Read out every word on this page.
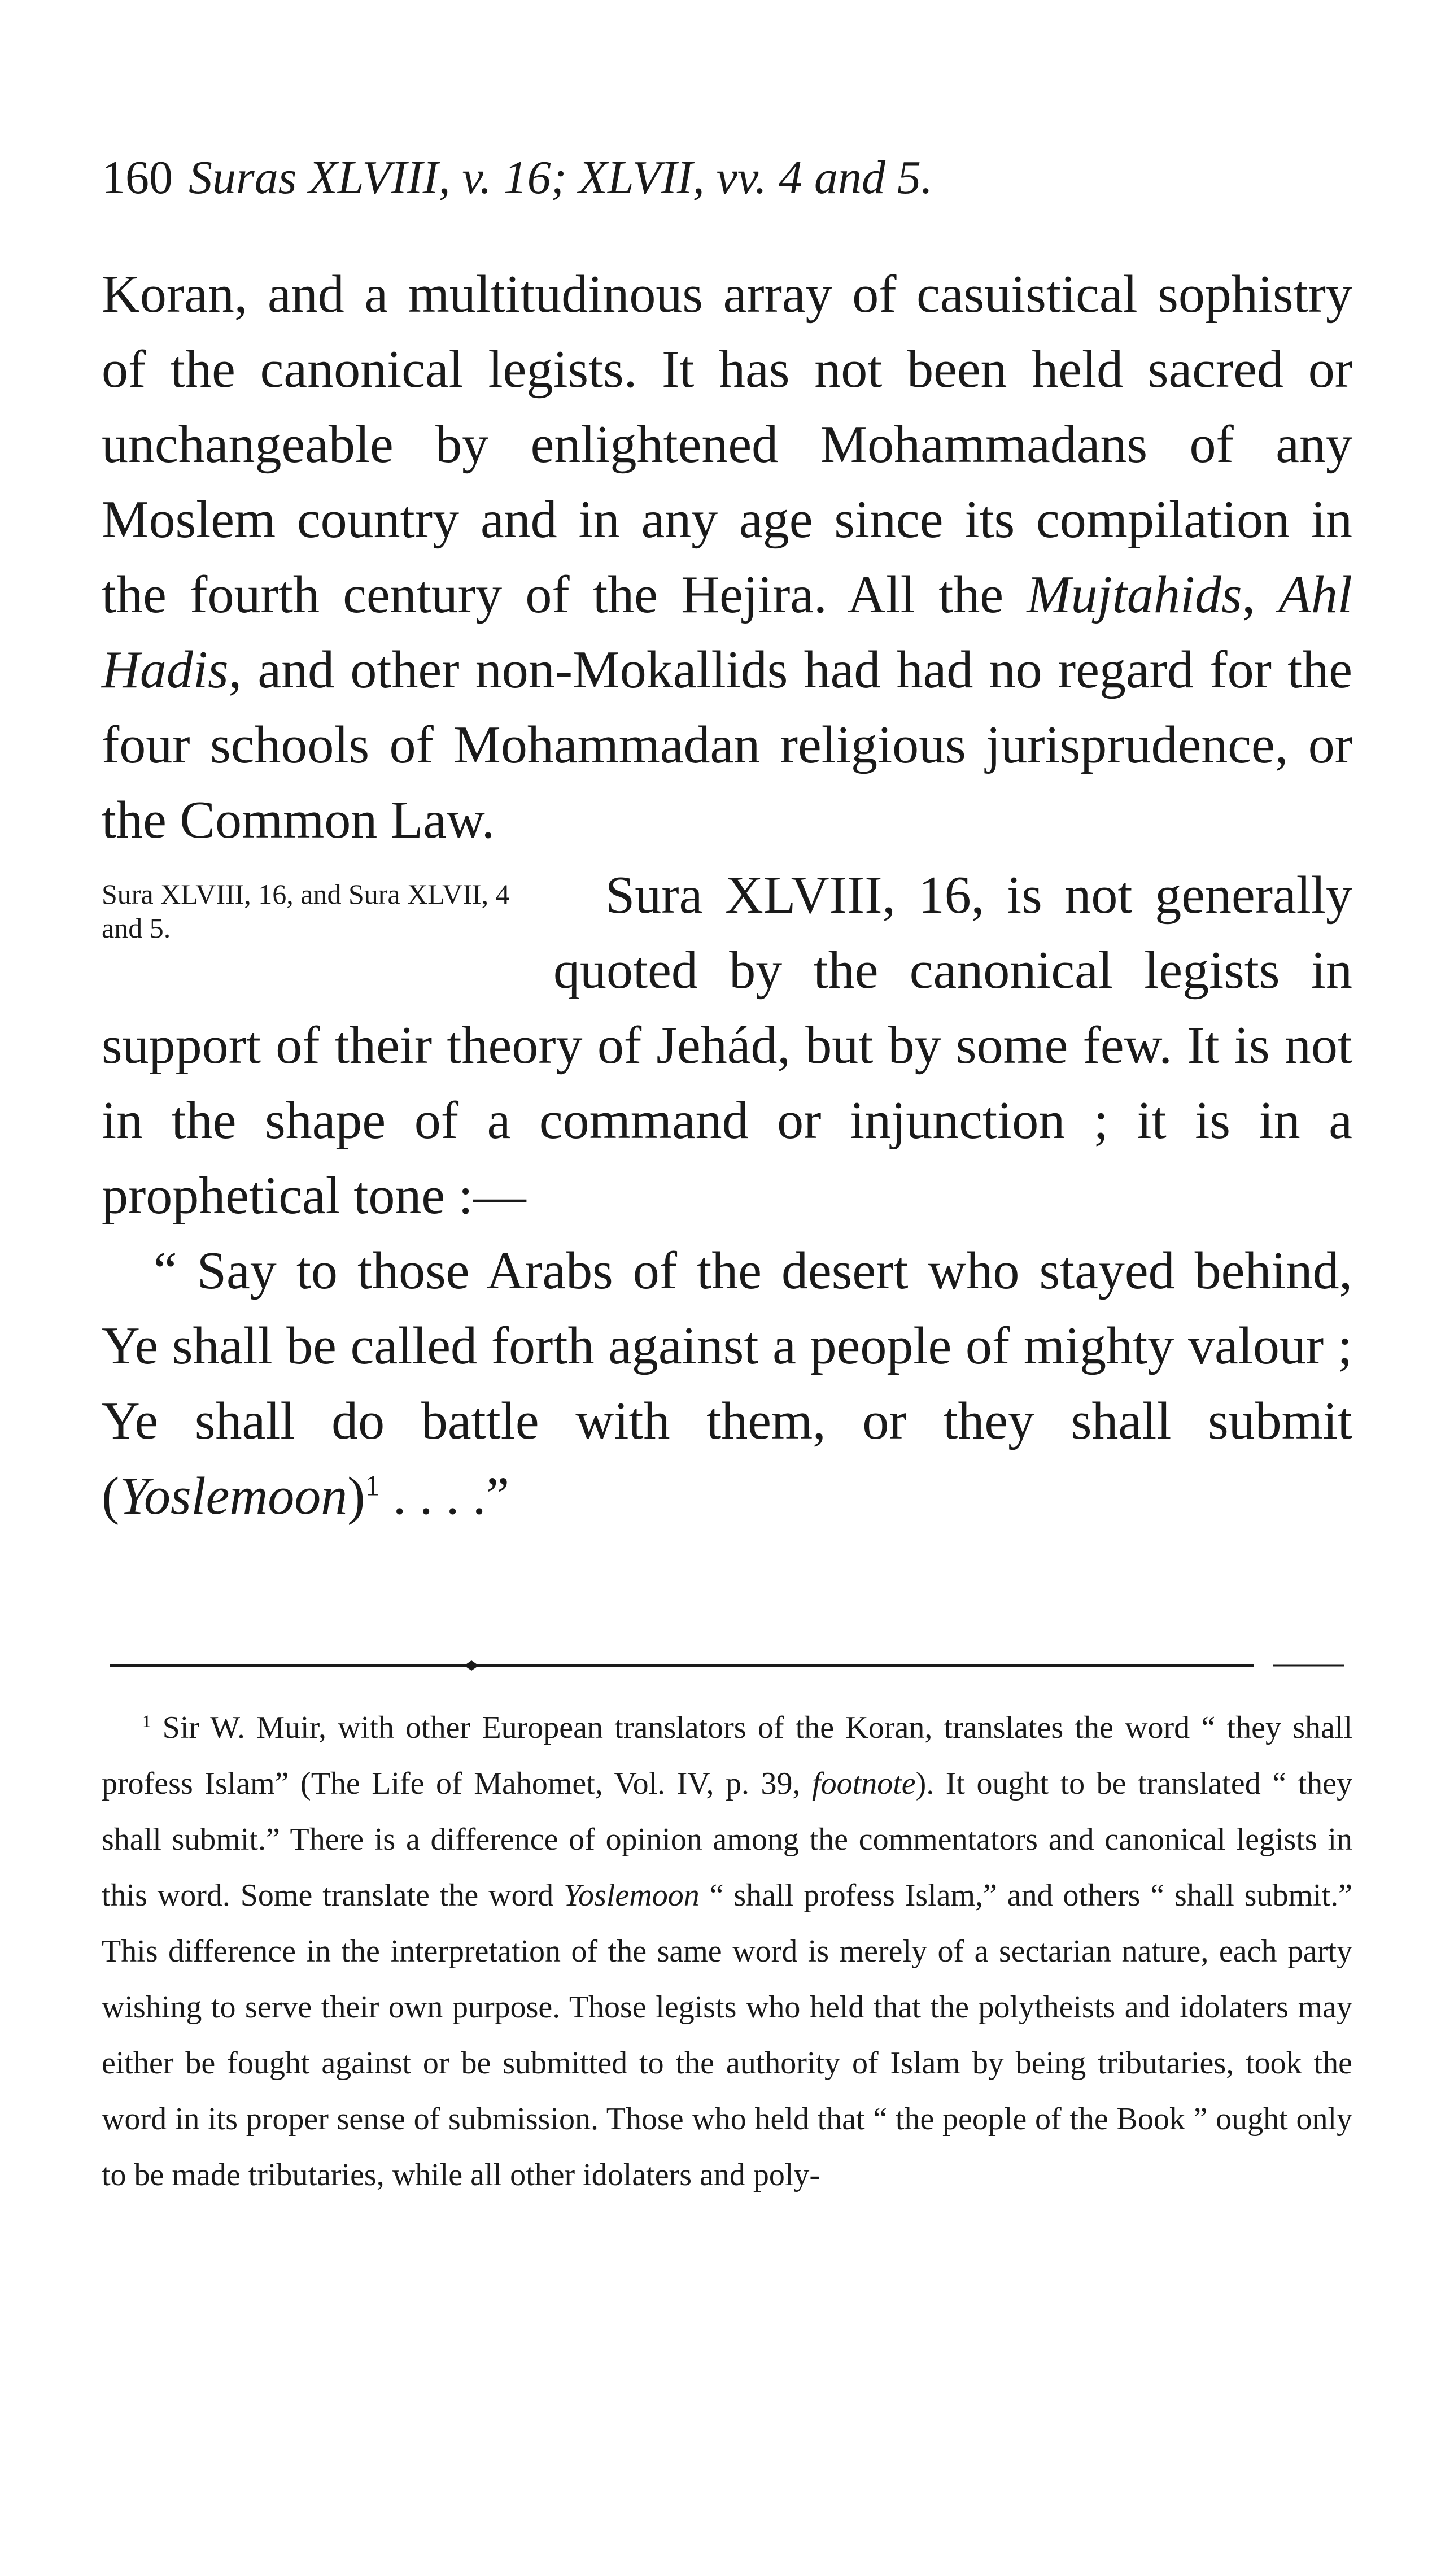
160 Suras XLVIII, v. 16; XLVII, vv. 4 and 5.

Koran, and a multitudinous array of casuistical sophistry of the canonical legists. It has not been held sacred or unchangeable by enlightened Mohammadans of any Moslem country and in any age since its compilation in the fourth century of the Hejira. All the Mujtahids, Ahl Hadis, and other non-Mokallids had had no regard for the four schools of Mohammadan religious jurisprudence, or the Common Law.

Sura XLVIII, 16, and Sura XLVII, 4 and 5.
Sura XLVIII, 16, is not generally quoted by the canonical legists in support of their theory of Jehád, but by some few. It is not in the shape of a command or injunction ; it is in a prophetical tone :—

“ Say to those Arabs of the desert who stayed behind, Ye shall be called forth against a people of mighty valour ; Ye shall do battle with them, or they shall submit (Yoslemoon)$^1$ . . . .”

$^1$ Sir W. Muir, with other European translators of the Koran, translates the word “ they shall profess Islam” (The Life of Mahomet, Vol. IV, p. 39, footnote). It ought to be translated “ they shall submit.” There is a difference of opinion among the commentators and canonical legists in this word. Some translate the word Yoslemoon “ shall profess Islam,” and others “ shall submit.” This difference in the interpretation of the same word is merely of a sectarian nature, each party wishing to serve their own purpose. Those legists who held that the polytheists and idolaters may either be fought against or be submitted to the authority of Islam by being tributaries, took the word in its proper sense of submission. Those who held that “ the people of the Book ” ought only to be made tributaries, while all other idolaters and poly-
